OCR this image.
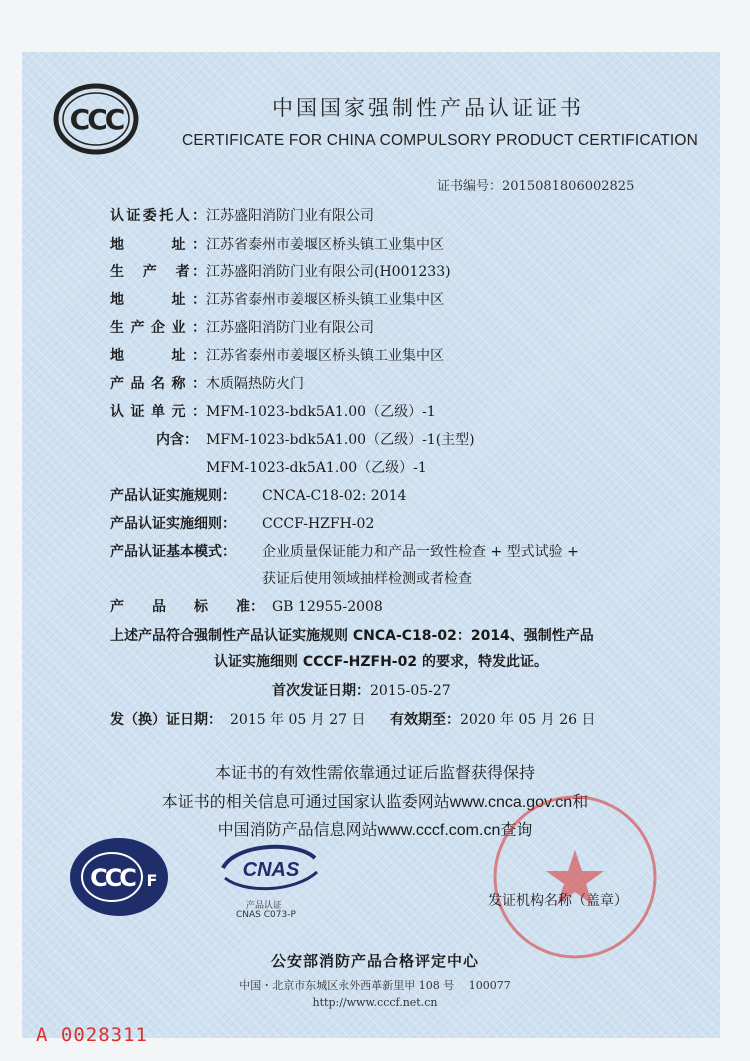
CCC	中国国家强制性产品认证证书
CERTIFICATE FOR CHINA COMPULSORY PRODUCT CERTIFICATION
证书编号：2015081806002825
认证委托人：江苏盛阳消防门业有限公司
地　　址：江苏省泰州市姜堰区桥头镇工业集中区
生　产　者：江苏盛阳消防门业有限公司(H001233)
地　　址：江苏省泰州市姜堰区桥头镇工业集中区
生产企业：江苏盛阳消防门业有限公司
地　　址：江苏省泰州市姜堰区桥头镇工业集中区
产品名称：木质隔热防火门
认证单元：MFM-1023-bdk5A1.00（乙级）-1
内含： MFM-1023-bdk5A1.00（乙级）-1(主型)
MFM-1023-dk5A1.00（乙级）-1
产品认证实施规则： CNCA-C18-02: 2014
产品认证实施细则： CCCF-HZFH-02
产品认证基本模式： 企业质量保证能力和产品一致性检查 + 型式试验 +
获证后使用领域抽样检测或者检查
产　　品　　标　　准： GB 12955-2008
上述产品符合强制性产品认证实施规则 CNCA-C18-02：2014、强制性产品
认证实施细则 CCCF-HZFH-02 的要求，特发此证。
首次发证日期：2015-05-27
发（换）证日期： 2015 年 05 月 27 日 有效期至：2020 年 05 月 26 日
本证书的有效性需依靠通过证后监督获得保持
本证书的相关信息可通过国家认监委网站www.cnca.gov.cn和
中国消防产品信息网站www.cccf.com.cn查询
CCC F	CNAS
产品认证
CNAS C073-P
发证机构名称（盖章）
公安部消防产品合格评定中心
中国・北京市东城区永外西革新里甲 108 号　 100077
http://www.cccf.net.cn
A 0028311
